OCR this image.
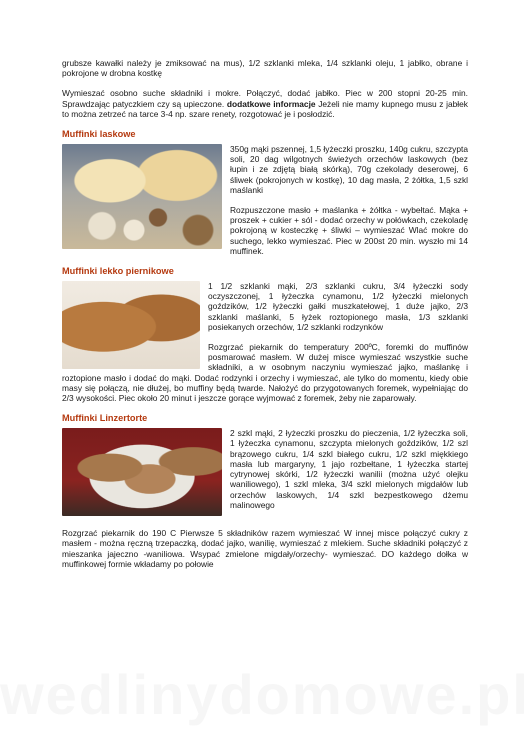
grubsze kawałki należy je zmiksować na mus), 1/2 szklanki mleka, 1/4 szklanki oleju, 1 jabłko, obrane i pokrojone w drobna kostkę

Wymieszać osobno suche składniki i mokre. Połączyć, dodać jabłko. Piec w 200 stopni 20-25 min. Sprawdzając patyczkiem czy są upieczone. dodatkowe informacje Jeżeli nie mamy kupnego musu z jabłek to można zetrzeć na tarce 3-4 np. szare renety, rozgotować je i posłodzić.

Muffinki laskowe

350g mąki pszennej, 1,5 łyżeczki proszku, 140g cukru, szczypta soli, 20 dag wilgotnych świeżych orzechów laskowych (bez łupin i ze zdjętą białą skórką), 70g czekolady deserowej, 6 śliwek (pokrojonych w kostkę), 10 dag masła, 2 żółtka, 1,5 szkl maślanki

Rozpuszczone masło + maślanka + żółtka - wybełtać. Mąka + proszek + cukier + sól - dodać orzechy w połówkach, czekoladę pokrojoną w kosteczkę + śliwki – wymieszać Wlać mokre do suchego, lekko wymieszać. Piec w 200st 20 min. wyszło mi 14 muffinek.

Muffinki lekko piernikowe

1 1/2 szklanki mąki, 2/3 szklanki cukru, 3/4 łyżeczki sody oczyszczonej, 1 łyżeczka cynamonu, 1/2 łyżeczki mielonych goździków, 1/2 łyżeczki gałki muszkatełowej, 1 duże jajko, 2/3 szklanki maślanki, 5 łyżek roztopionego masła, 1/3 szklanki posiekanych orzechów, 1/2 szklanki rodzynków

Rozgrzać piekarnik do temperatury 200ºC, foremki do muffinów posmarować masłem. W dużej misce wymieszać wszystkie suche składniki, a w osobnym naczyniu wymieszać jajko, maślankę i roztopione masło i dodać do mąki. Dodać rodzynki i orzechy i wymieszać, ale tylko do momentu, kiedy obie masy się połączą, nie dłużej, bo muffiny będą twarde. Nałożyć do przygotowanych foremek, wypełniając do 2/3 wysokości. Piec około 20 minut i jeszcze gorące wyjmować z foremek, żeby nie zaparowały.

Muffinki Linzertorte

2 szkl mąki, 2 łyżeczki proszku do pieczenia, 1/2 łyżeczka soli, 1 łyżeczka cynamonu, szczypta mielonych goździków, 1/2 szl brązowego cukru, 1/4 szkl białego cukru, 1/2 szkl miękkiego masła lub margaryny, 1 jajo rozbełtane, 1 łyżeczka startej cytrynowej skórki, 1/2 łyżeczki wanilii (można użyć olejku waniliowego), 1 szkl mleka, 3/4 szkl mielonych migdałów lub orzechów laskowych, 1/4 szkl bezpestkowego dżemu malinowego

Rozgrzać piekarnik do 190 C Pierwsze 5 składników razem wymieszać W innej misce połączyć cukry z masłem - można ręczną trzepaczką, dodać jajko, wanilię, wymieszać z mlekiem. Suche składniki połączyć z mieszanka jajeczno -waniliowa. Wsypać zmielone migdały/orzechy- wymieszać. DO każdego dołka w muffinkowej formie wkładamy po połowie

wedlinydomowe.pl
